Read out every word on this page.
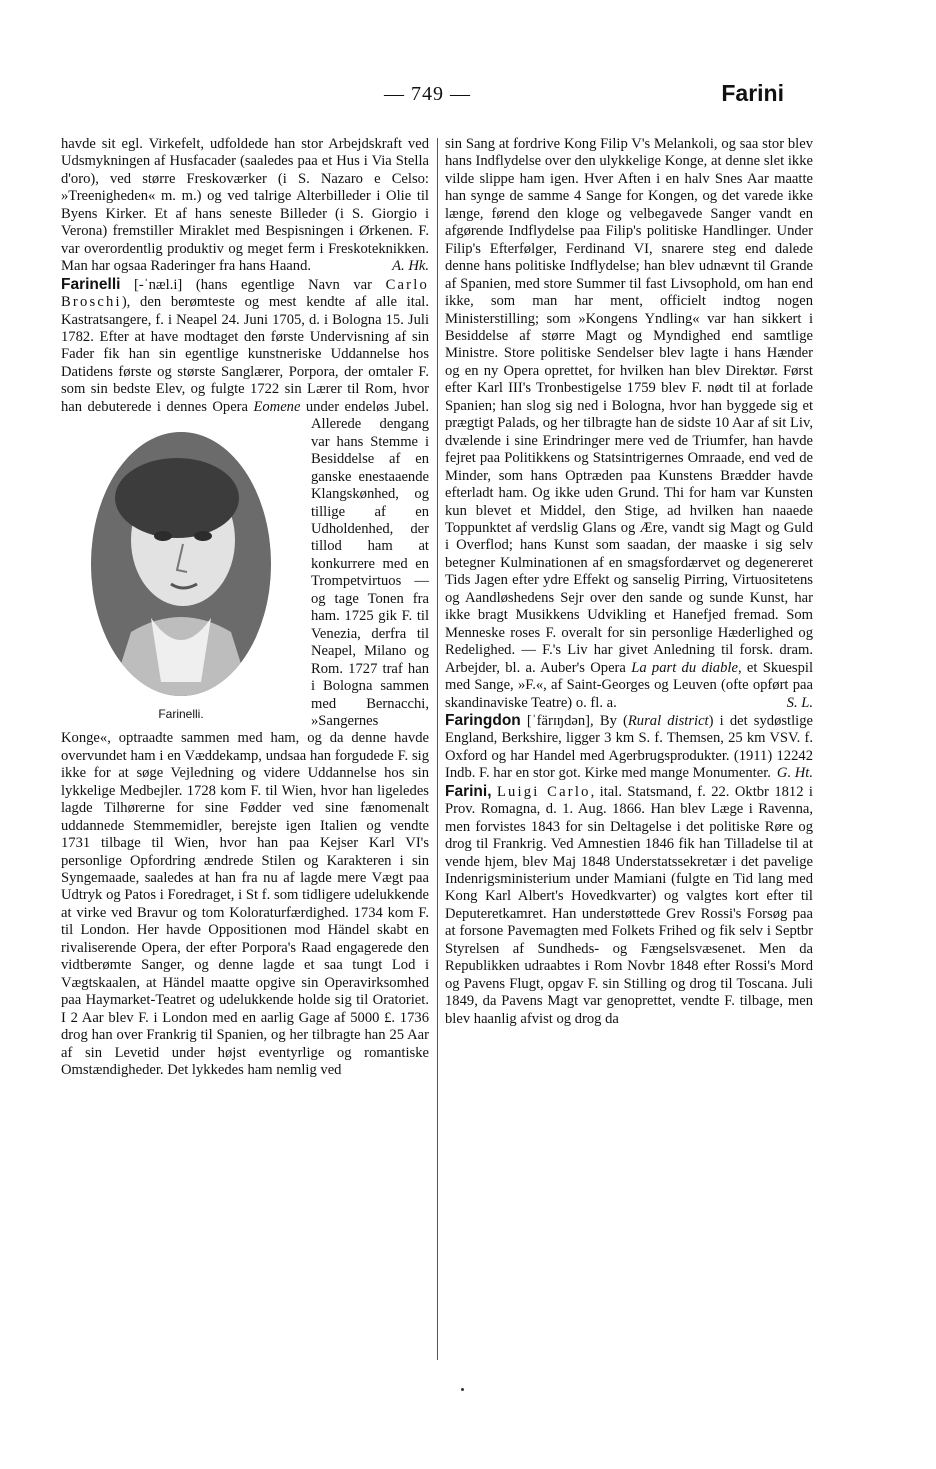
— 749 —	Farini

havde sit egl. Virkefelt, udfoldede han stor Arbejdskraft ved Udsmykningen af Husfacader (saaledes paa et Hus i Via Stella d'oro), ved større Freskoværker (i S. Nazaro e Celso: »Treenigheden« m. m.) og ved talrige Alterbilleder i Olie til Byens Kirker. Et af hans seneste Billeder (i S. Giorgio i Verona) fremstiller Miraklet med Bespisningen i Ørkenen. F. var overordentlig produktiv og meget ferm i Freskoteknikken. Man har ogsaa Raderinger fra hans Haand.	A. Hk.

Farinelli [-ˈnæl.i] (hans egentlige Navn var Carlo Broschi), den berømteste og mest kendte af alle ital. Kastratsangere, f. i Neapel 24. Juni 1705, d. i Bologna 15. Juli 1782. Efter at have modtaget den første Undervisning af sin Fader fik han sin egentlige kunstneriske Uddannelse hos Datidens første og største Sanglærer, Porpora, der omtaler F. som sin bedste Elev, og fulgte 1722 sin Lærer til Rom, hvor han debuterede i dennes Opera
Farinelli.
Eomene under endeløs Jubel. Allerede dengang var hans Stemme i Besiddelse af en ganske enestaaende Klangskønhed, og tillige af en Udholdenhed, der tillod ham at konkurrere med en Trompetvirtuos — og tage Tonen fra ham. 1725 gik F. til Venezia, derfra til Neapel, Milano og Rom. 1727 traf han i Bologna sammen med Bernacchi, »Sangernes Konge«, optraadte sammen med ham, og da denne havde overvundet ham i en Væddekamp, undsaa han forgudede F. sig ikke for at søge Vejledning og videre Uddannelse hos sin lykkelige Medbejler. 1728 kom F. til Wien, hvor han ligeledes lagde Tilhørerne for sine Fødder ved sine fænomenalt uddannede Stemmemidler, berejste igen Italien og vendte 1731 tilbage til Wien, hvor han paa Kejser Karl VI's personlige Opfordring ændrede Stilen og Karakteren i sin Syngemaade, saaledes at han fra nu af lagde mere Vægt paa Udtryk og Patos i Foredraget, i St f. som tidligere udelukkende at virke ved Bravur og tom Koloraturfærdighed. 1734 kom F. til London. Her havde Oppositionen mod Händel skabt en rivaliserende Opera, der efter Porpora's Raad engagerede den vidtberømte Sanger, og denne lagde et saa tungt Lod i Vægtskaalen, at Händel maatte opgive sin Operavirksomhed paa Haymarket-Teatret og udelukkende holde sig til Oratoriet. I 2 Aar blev F. i London med en aarlig Gage af 5000 £. 1736 drog han over Frankrig til Spanien, og her tilbragte han 25 Aar af sin Levetid under højst eventyrlige og romantiske Omstændigheder. Det lykkedes ham nemlig ved

sin Sang at fordrive Kong Filip V's Melankoli, og saa stor blev hans Indflydelse over den ulykkelige Konge, at denne slet ikke vilde slippe ham igen. Hver Aften i en halv Snes Aar maatte han synge de samme 4 Sange for Kongen, og det varede ikke længe, førend den kloge og velbegavede Sanger vandt en afgørende Indflydelse paa Filip's politiske Handlinger. Under Filip's Efterfølger, Ferdinand VI, snarere steg end dalede denne hans politiske Indflydelse; han blev udnævnt til Grande af Spanien, med store Summer til fast Livsophold, om han end ikke, som man har ment, officielt indtog nogen Ministerstilling; som »Kongens Yndling« var han sikkert i Besiddelse af større Magt og Myndighed end samtlige Ministre. Store politiske Sendelser blev lagte i hans Hænder og en ny Opera oprettet, for hvilken han blev Direktør. Først efter Karl III's Tronbestigelse 1759 blev F. nødt til at forlade Spanien; han slog sig ned i Bologna, hvor han byggede sig et prægtigt Palads, og her tilbragte han de sidste 10 Aar af sit Liv, dvælende i sine Erindringer mere ved de Triumfer, han havde fejret paa Politikkens og Statsintrigernes Omraade, end ved de Minder, som hans Optræden paa Kunstens Brædder havde efterladt ham. Og ikke uden Grund. Thi for ham var Kunsten kun blevet et Middel, den Stige, ad hvilken han naaede Toppunktet af verdslig Glans og Ære, vandt sig Magt og Guld i Overflod; hans Kunst som saadan, der maaske i sig selv betegner Kulminationen af en smagsfordærvet og degenereret Tids Jagen efter ydre Effekt og sanselig Pirring, Virtuositetens og Aandløshedens Sejr over den sande og sunde Kunst, har ikke bragt Musikkens Udvikling et Hanefjed fremad. Som Menneske roses F. overalt for sin personlige Hæderlighed og Redelighed. — F.'s Liv har givet Anledning til forsk. dram. Arbejder, bl. a. Auber's Opera La part du diable, et Skuespil med Sange, »F.«, af Saint-Georges og Leuven (ofte opført paa skandinaviske Teatre) o. fl. a.	S. L.

Faringdon [ˈfärɪŋdən], By (Rural district) i det sydøstlige England, Berkshire, ligger 3 km S. f. Themsen, 25 km VSV. f. Oxford og har Handel med Agerbrugsprodukter. (1911) 12242 Indb. F. har en stor got. Kirke med mange Monumenter. G. Ht.

Farini, Luigi Carlo, ital. Statsmand, f. 22. Oktbr 1812 i Prov. Romagna, d. 1. Aug. 1866. Han blev Læge i Ravenna, men forvistes 1843 for sin Deltagelse i det politiske Røre og drog til Frankrig. Ved Amnestien 1846 fik han Tilladelse til at vende hjem, blev Maj 1848 Understatssekretær i det pavelige Indenrigsministerium under Mamiani (fulgte en Tid lang med Kong Karl Albert's Hovedkvarter) og valgtes kort efter til Deputeretkamret. Han understøttede Grev Rossi's Forsøg paa at forsone Pavemagten med Folkets Frihed og fik selv i Septbr Styrelsen af Sundheds- og Fængselsvæsenet. Men da Republikken udraabtes i Rom Novbr 1848 efter Rossi's Mord og Pavens Flugt, opgav F. sin Stilling og drog til Toscana. Juli 1849, da Pavens Magt var genoprettet, vendte F. tilbage, men blev haanlig afvist og drog da
